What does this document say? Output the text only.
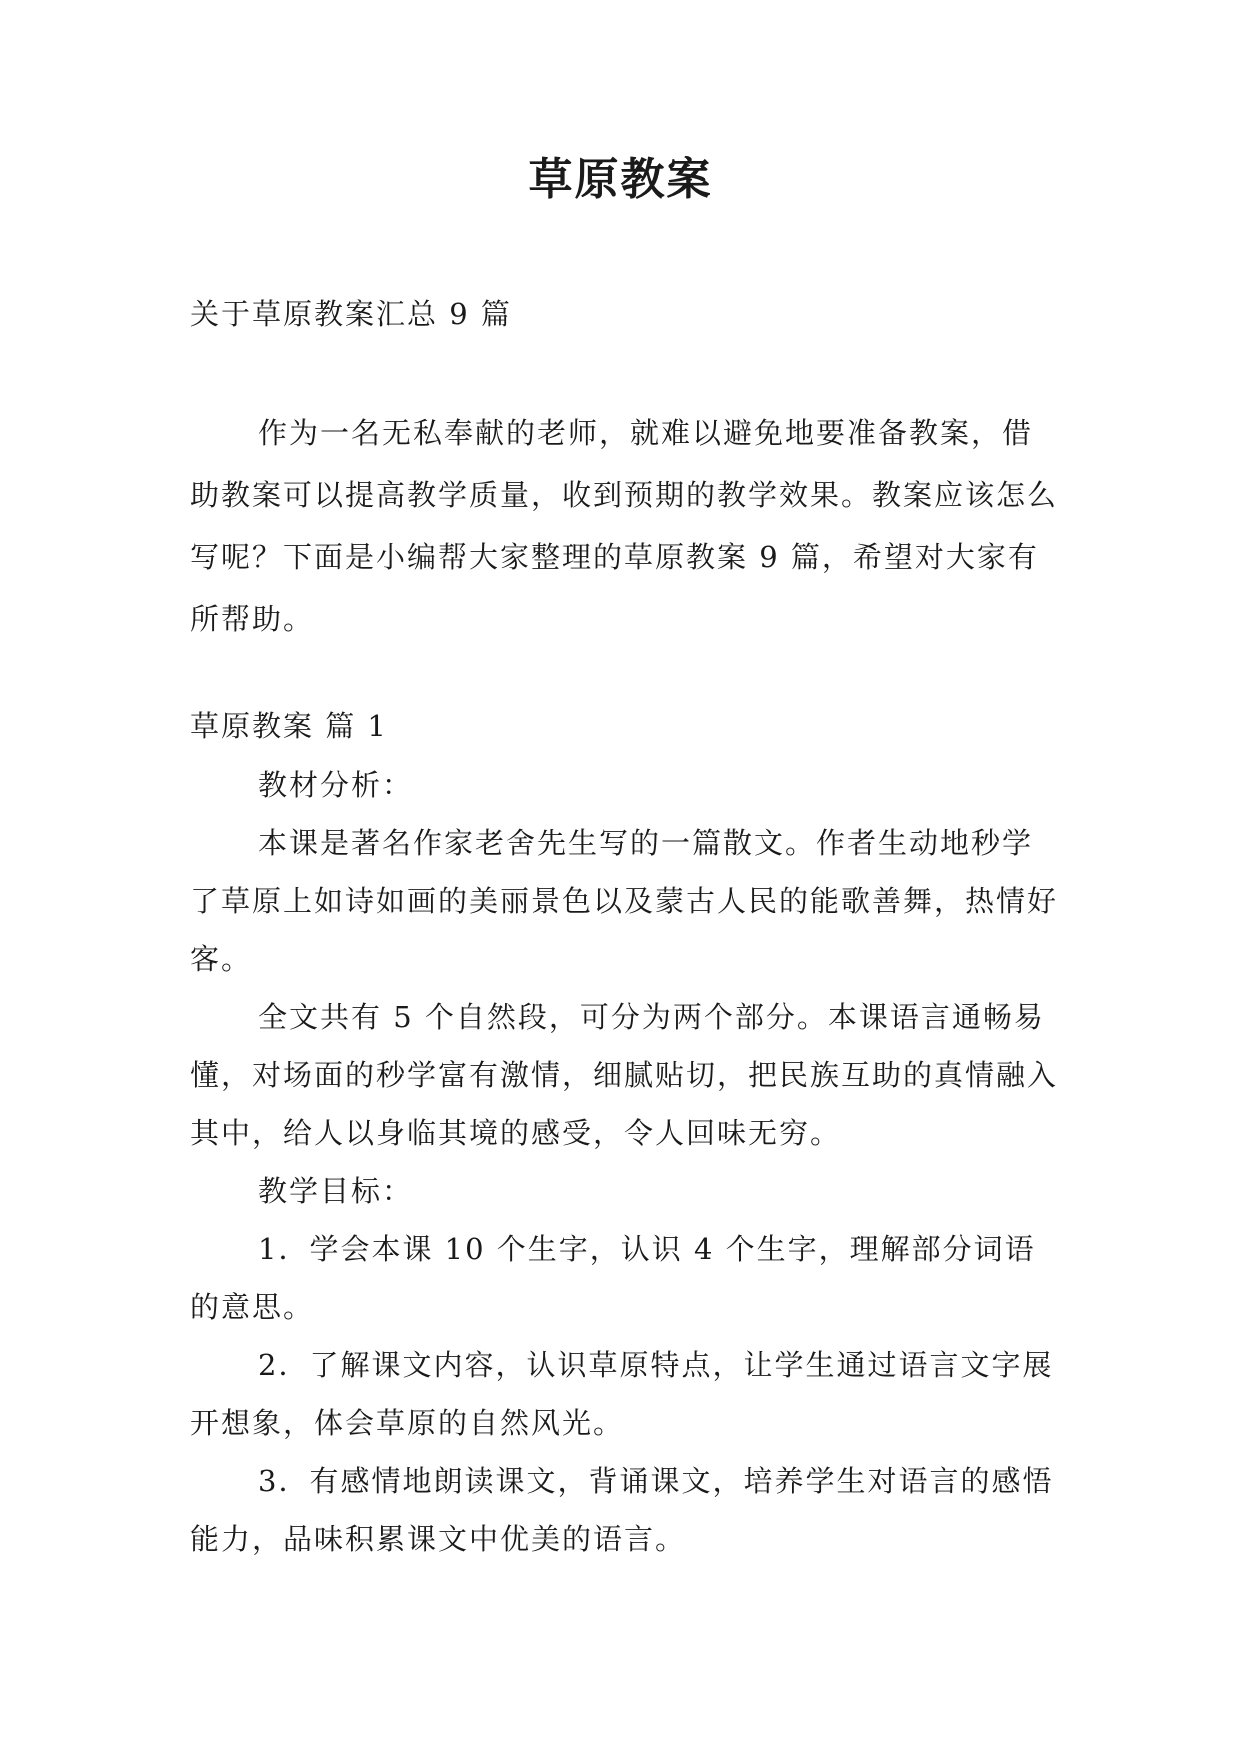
草原教案

关于草原教案汇总 9 篇

作为一名无私奉献的老师，就难以避免地要准备教案，借助教案可以提高教学质量，收到预期的教学效果。教案应该怎么写呢？下面是小编帮大家整理的草原教案 9 篇，希望对大家有所帮助。

草原教案 篇 1

教材分析：

本课是著名作家老舍先生写的一篇散文。作者生动地秒学了草原上如诗如画的美丽景色以及蒙古人民的能歌善舞，热情好客。

全文共有 5 个自然段，可分为两个部分。本课语言通畅易懂，对场面的秒学富有激情，细腻贴切，把民族互助的真情融入其中，给人以身临其境的感受，令人回味无穷。

教学目标：

1．学会本课 10 个生字，认识 4 个生字，理解部分词语的意思。

2．了解课文内容，认识草原特点，让学生通过语言文字展开想象，体会草原的自然风光。

3．有感情地朗读课文，背诵课文，培养学生对语言的感悟能力，品味积累课文中优美的语言。
